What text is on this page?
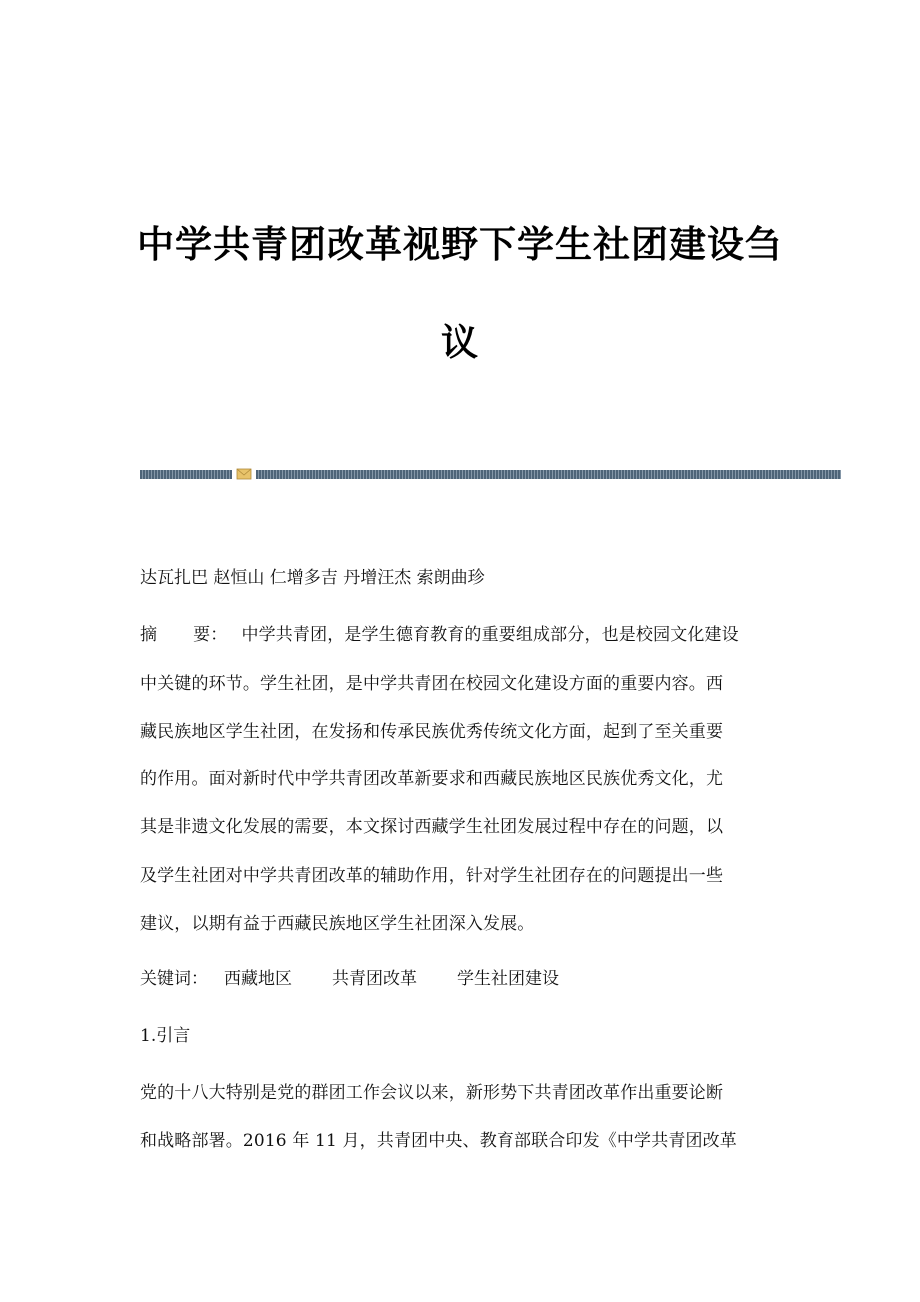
中学共青团改革视野下学生社团建设刍
议
达瓦扎巴 赵恒山 仁增多吉 丹增汪杰 索朗曲珍
摘 要： 中学共青团，是学生德育教育的重要组成部分，也是校园文化建设
中关键的环节。学生社团，是中学共青团在校园文化建设方面的重要内容。西
藏民族地区学生社团，在发扬和传承民族优秀传统文化方面，起到了至关重要
的作用。面对新时代中学共青团改革新要求和西藏民族地区民族优秀文化，尤
其是非遗文化发展的需要，本文探讨西藏学生社团发展过程中存在的问题，以
及学生社团对中学共青团改革的辅助作用，针对学生社团存在的问题提出一些
建议，以期有益于西藏民族地区学生社团深入发展。
关键词： 西藏地区 共青团改革 学生社团建设
1.引言
党的十八大特别是党的群团工作会议以来，新形势下共青团改革作出重要论断
和战略部署。2016 年 11 月，共青团中央、教育部联合印发《中学共青团改革
